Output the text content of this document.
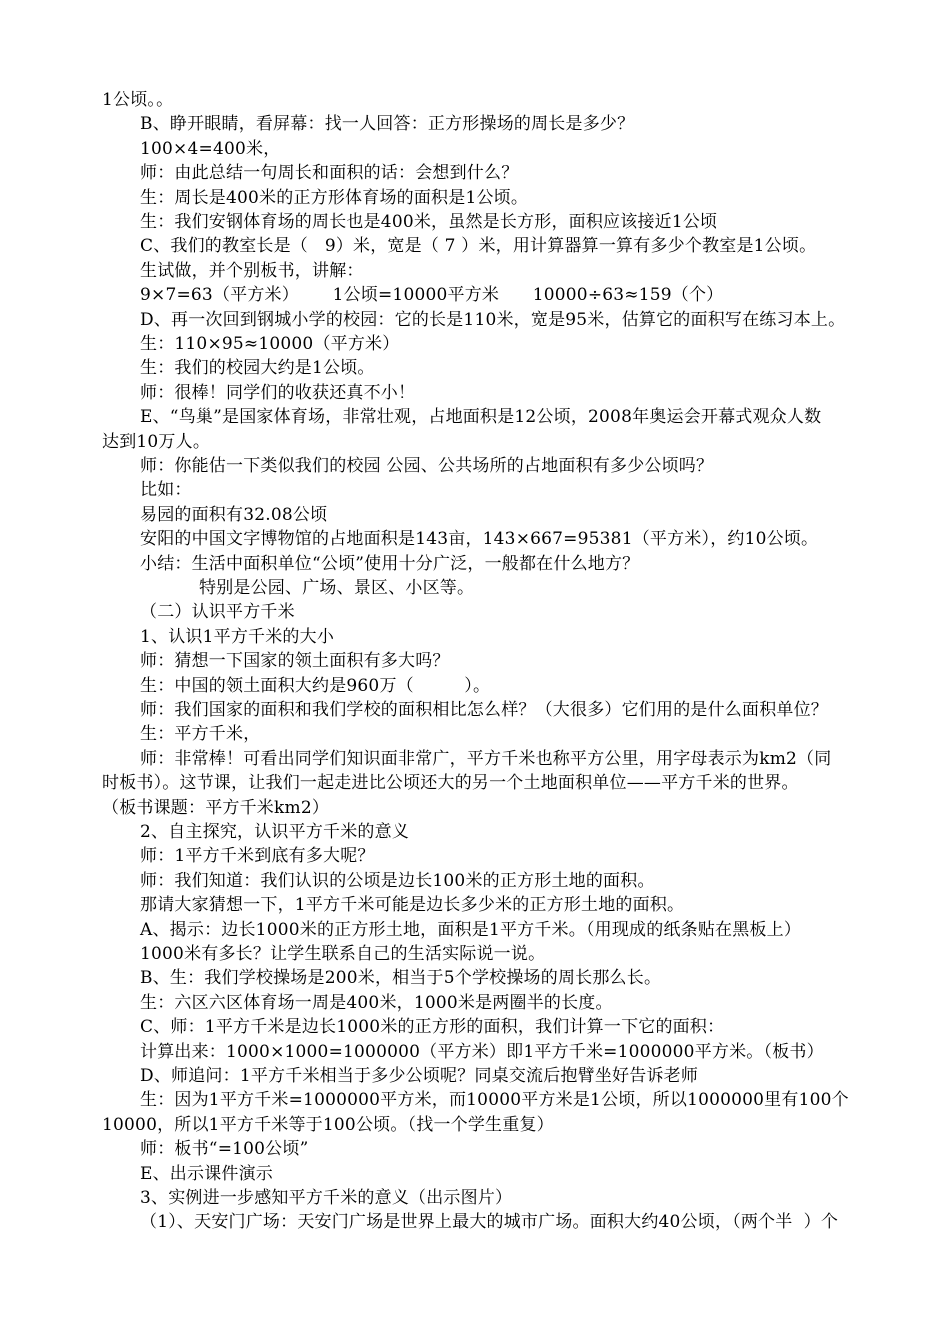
1公顷。。
B、睁开眼睛，看屏幕：找一人回答：正方形操场的周长是多少？
100×4=400米，
师：由此总结一句周长和面积的话：会想到什么？
生：周长是400米的正方形体育场的面积是1公顷。
生：我们安钢体育场的周长也是400米，虽然是长方形，面积应该接近1公顷
C、我们的教室长是（   9）米，宽是（ 7 ）米，用计算器算一算有多少个教室是1公顷。
生试做，并个别板书，讲解：
9×7=63（平方米）      1公顷=10000平方米      10000÷63≈159（个）
D、再一次回到钢城小学的校园：它的长是110米，宽是95米，估算它的面积写在练习本上。
生：110×95≈10000（平方米）
生：我们的校园大约是1公顷。
师：很棒！同学们的收获还真不小！
E、“鸟巢”是国家体育场，非常壮观，占地面积是12公顷，2008年奥运会开幕式观众人数
达到10万人。
师：你能估一下类似我们的校园 公园、公共场所的占地面积有多少公顷吗？
比如：
易园的面积有32.08公顷
安阳的中国文字博物馆的占地面积是143亩，143×667=95381（平方米），约10公顷。
小结：生活中面积单位“公顷”使用十分广泛，一般都在什么地方？
特别是公园、广场、景区、小区等。
（二）认识平方千米
1、认识1平方千米的大小
师：猜想一下国家的领土面积有多大吗？
生：中国的领土面积大约是960万（         ）。
师：我们国家的面积和我们学校的面积相比怎么样？（大很多）它们用的是什么面积单位？
生：平方千米，
师：非常棒！可看出同学们知识面非常广，平方千米也称平方公里，用字母表示为km2（同
时板书）。这节课，让我们一起走进比公顷还大的另一个土地面积单位——平方千米的世界。
（板书课题：平方千米km2）
2、自主探究，认识平方千米的意义
师：1平方千米到底有多大呢？
师：我们知道：我们认识的公顷是边长100米的正方形土地的面积。
那请大家猜想一下，1平方千米可能是边长多少米的正方形土地的面积。
A、揭示：边长1000米的正方形土地，面积是1平方千米。（用现成的纸条贴在黑板上）
1000米有多长？让学生联系自己的生活实际说一说。
B、生：我们学校操场是200米，相当于5个学校操场的周长那么长。
生：六区六区体育场一周是400米，1000米是两圈半的长度。
C、师：1平方千米是边长1000米的正方形的面积，我们计算一下它的面积：
计算出来：1000×1000=1000000（平方米）即1平方千米=1000000平方米。（板书）
D、师追问：1平方千米相当于多少公顷呢？同桌交流后抱臂坐好告诉老师
生：因为1平方千米=1000000平方米，而10000平方米是1公顷，所以1000000里有100个
10000，所以1平方千米等于100公顷。（找一个学生重复）
师：板书“=100公顷”
E、出示课件演示
3、实例进一步感知平方千米的意义（出示图片）
（1）、天安门广场：天安门广场是世界上最大的城市广场。面积大约40公顷，（两个半  ）个
